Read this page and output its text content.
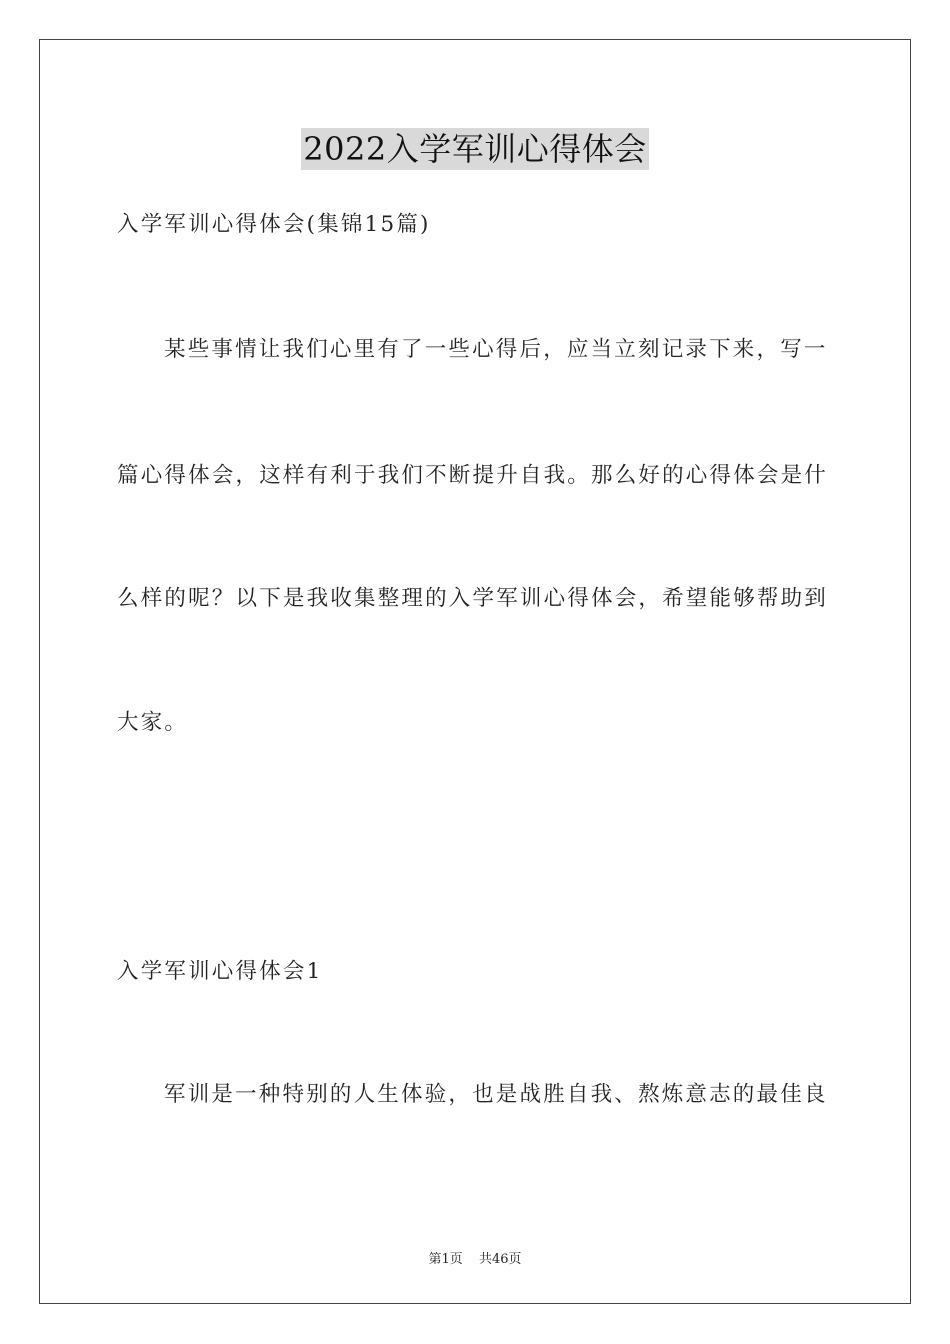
2022入学军训心得体会
入学军训心得体会(集锦15篇)
某些事情让我们心里有了一些心得后，应当立刻记录下来，写一
篇心得体会，这样有利于我们不断提升自我。那么好的心得体会是什
么样的呢？以下是我收集整理的入学军训心得体会，希望能够帮助到
大家。
入学军训心得体会1
军训是一种特别的人生体验，也是战胜自我、熬炼意志的最佳良
第1页 共46页
